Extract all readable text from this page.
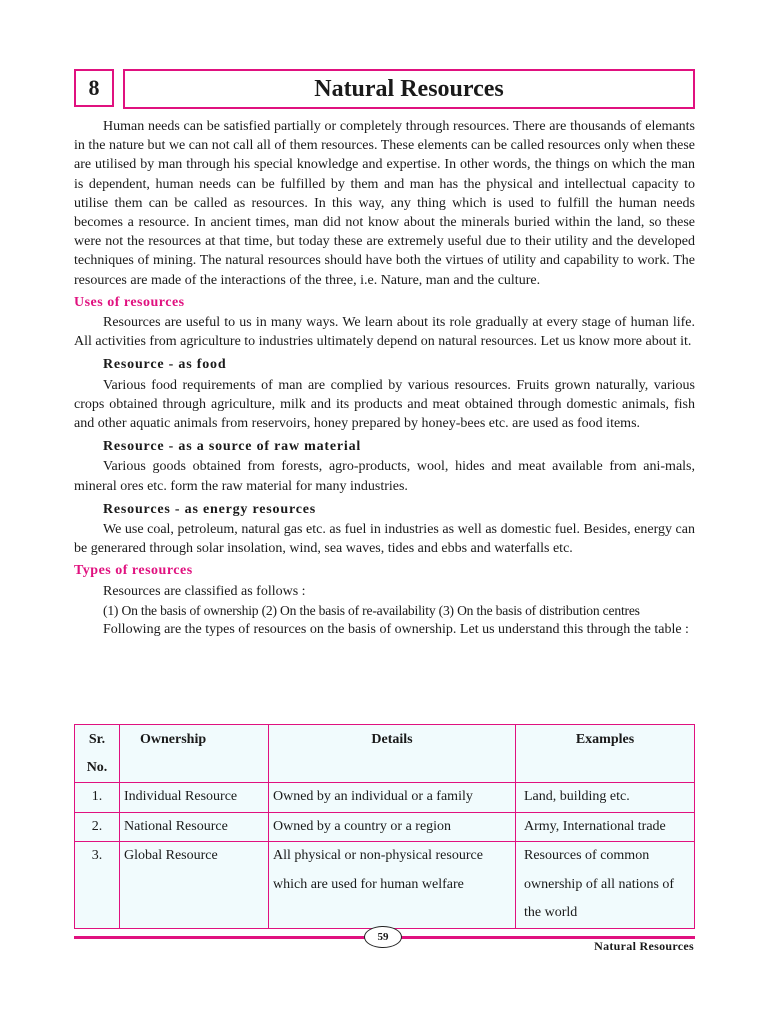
8	Natural Resources

Human needs can be satisfied partially or completely through resources. There are thousands of elemants in the nature but we can not call all of them resources. These elements can be called resources only when these are utilised by man through his special knowledge and expertise. In other words, the things on which the man is dependent, human needs can be fulfilled by them and man has the physical and intellectual capacity to utilise them can be called as resources. In this way, any thing which is used to fulfill the human needs becomes a resource. In ancient times, man did not know about the minerals buried within the land, so these were not the resources at that time, but today these are extremely useful due to their utility and the developed techniques of mining. The natural resources should have both the virtues of utility and capability to work. The resources are made of the interactions of the three, i.e. Nature, man and the culture.

Uses of resources

Resources are useful to us in many ways. We learn about its role gradually at every stage of human life. All activities from agriculture to industries ultimately depend on natural resources. Let us know more about it.

Resource - as food

Various food requirements of man are complied by various resources. Fruits grown naturally, various crops obtained through agriculture, milk and its products and meat obtained through domestic animals, fish and other aquatic animals from reservoirs, honey prepared by honey-bees etc. are used as food items.

Resource - as a source of raw material

Various goods obtained from forests, agro-products, wool, hides and meat available from ani-mals, mineral ores etc. form the raw material for many industries.

Resources - as energy resources

We use coal, petroleum, natural gas etc. as fuel in industries as well as domestic fuel. Besides, energy can be generared through solar insolation, wind, sea waves, tides and ebbs and waterfalls etc.

Types of resources

Resources are classified as follows :

(1) On the basis of ownership (2) On the basis of re-availability (3) On the basis of distribution centres

Following are the types of resources on the basis of ownership. Let us understand this through the table :

Sr.
No.	Ownership	Details	Examples
1.	Individual Resource	Owned by an individual or a family	Land, building etc.
2.	National Resource	Owned by a country or a region	Army, International trade
3.	Global Resource	All physical or non-physical resource
which are used for human welfare	Resources of common
ownership of all nations of
the world
59
Natural Resources
